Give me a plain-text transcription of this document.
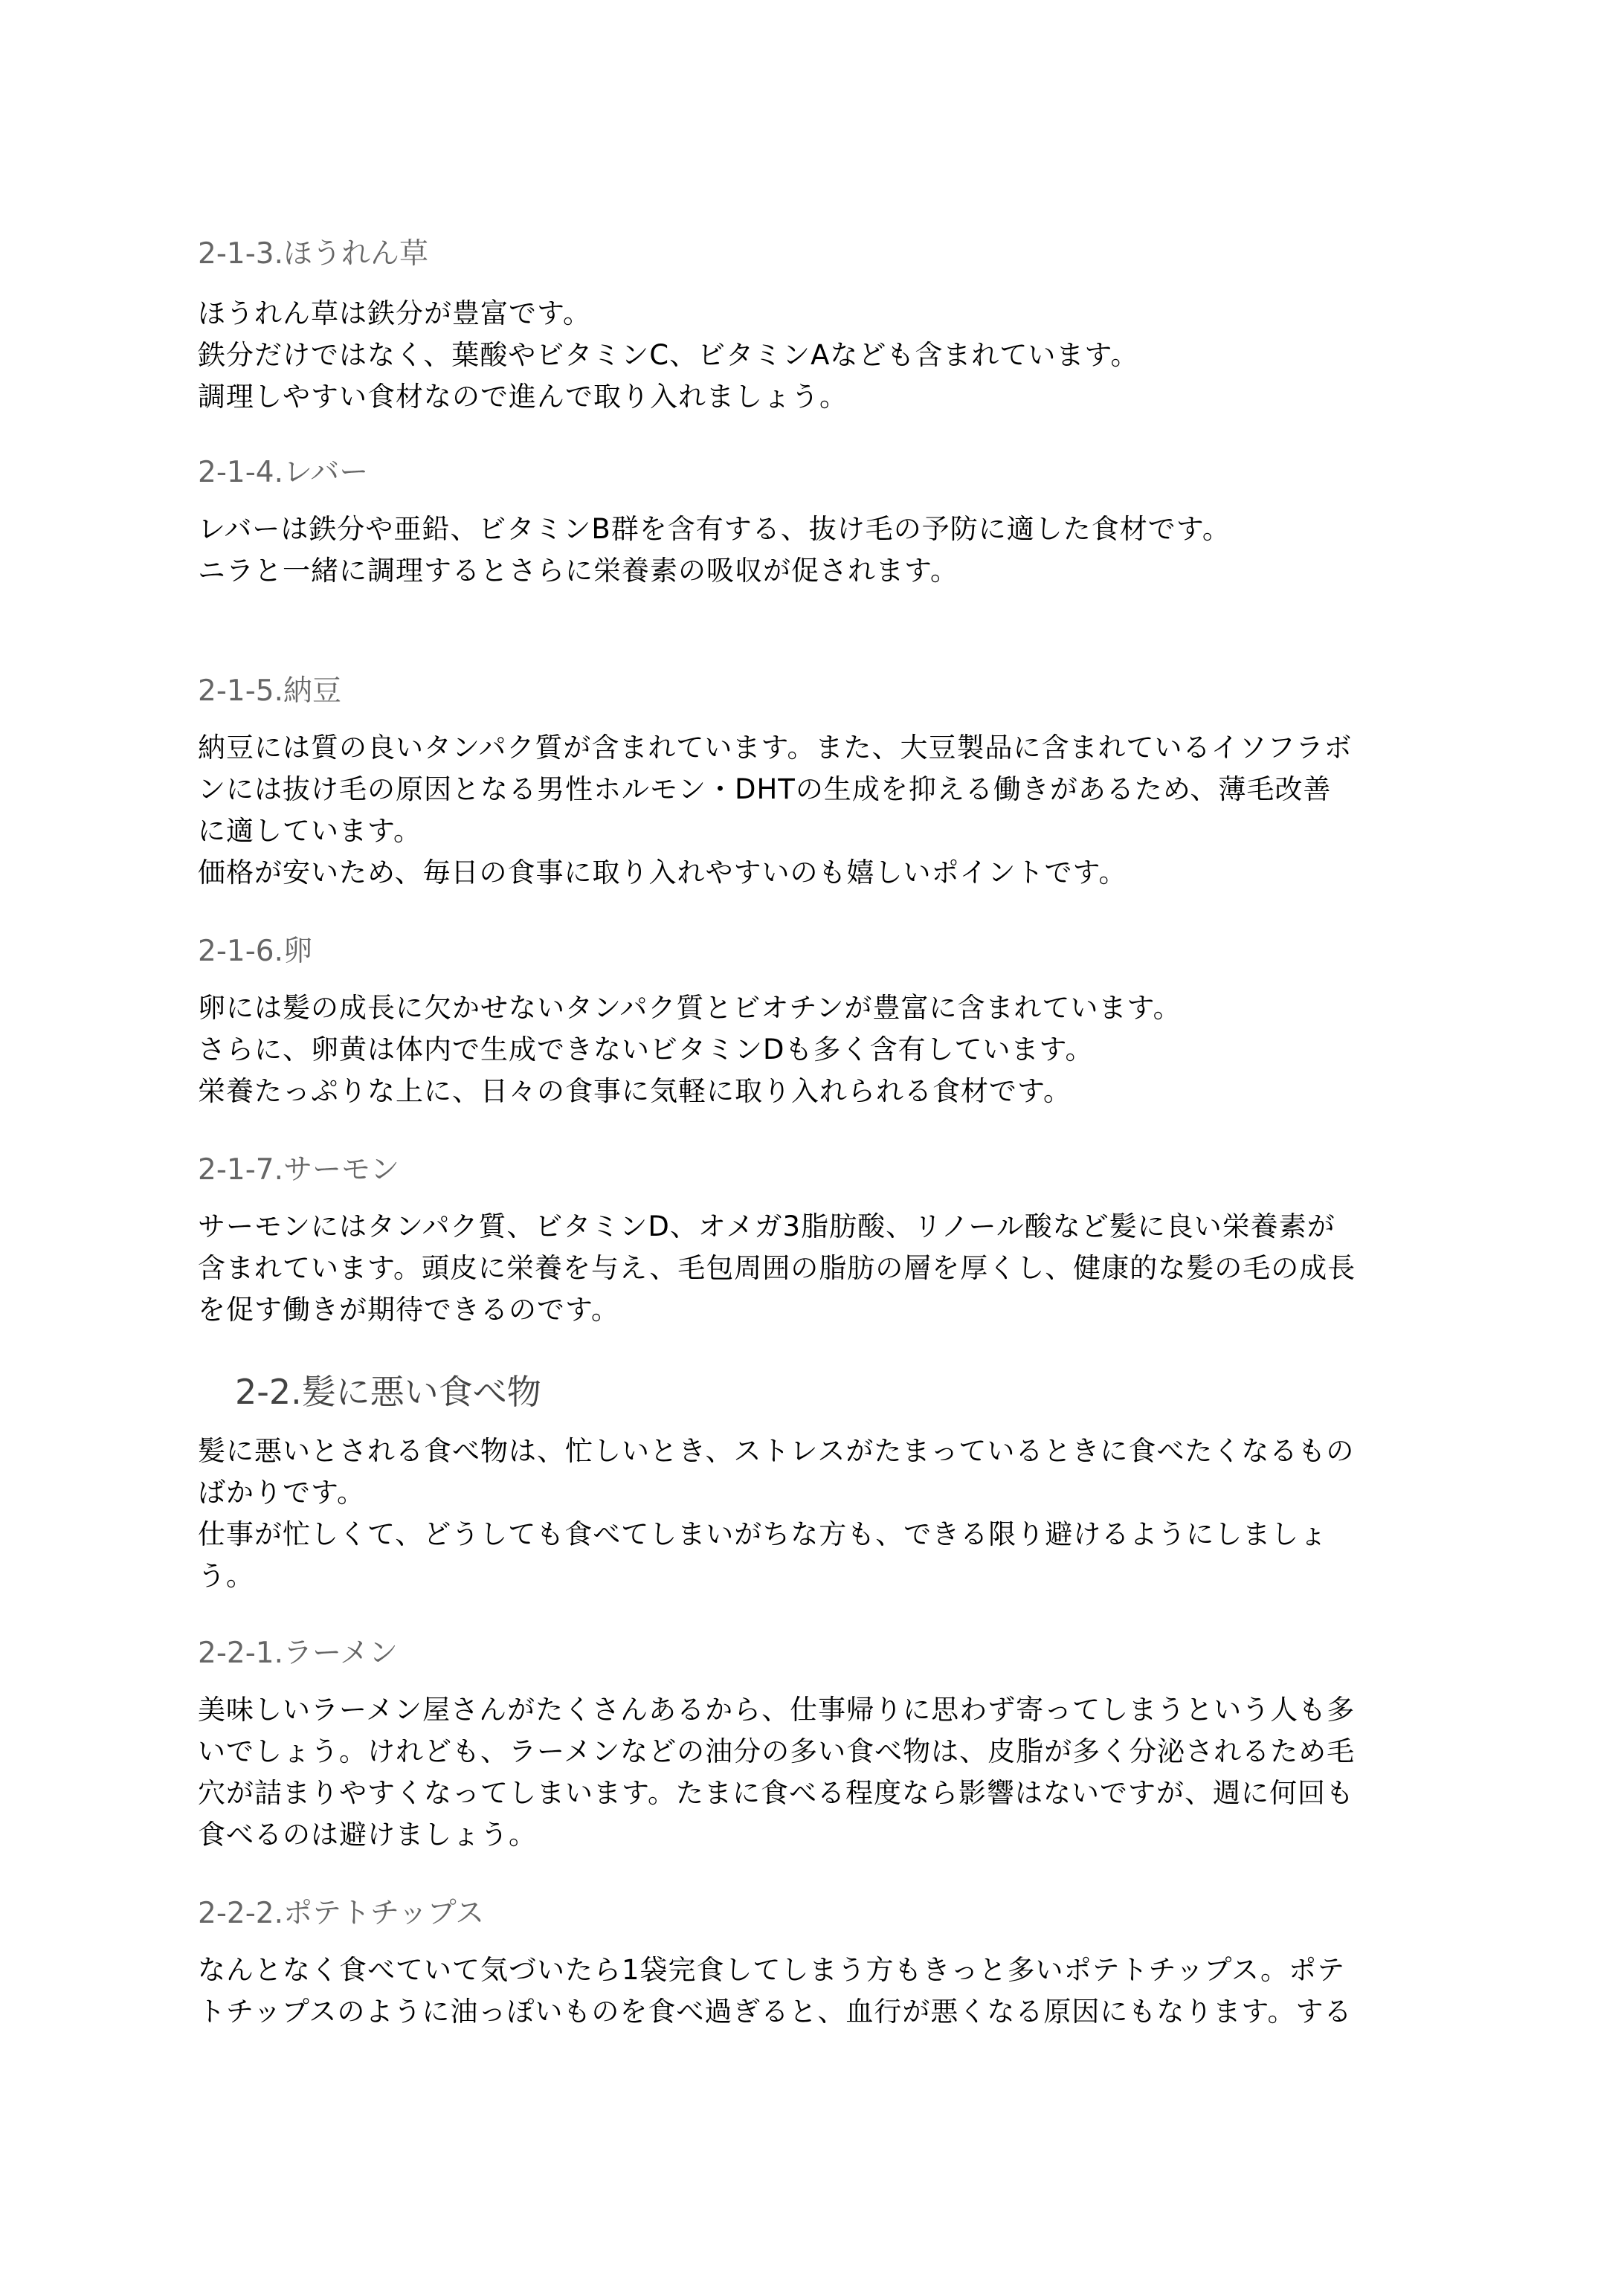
2-1-3.ほうれん草
ほうれん草は鉄分が豊富です。
鉄分だけではなく、葉酸やビタミンC、ビタミンAなども含まれています。
調理しやすい食材なので進んで取り入れましょう。
2-1-4.レバー
レバーは鉄分や亜鉛、ビタミンB群を含有する、抜け毛の予防に適した食材です。
ニラと一緒に調理するとさらに栄養素の吸収が促されます。
2-1-5.納豆
納豆には質の良いタンパク質が含まれています。また、大豆製品に含まれているイソフラボ
ンには抜け毛の原因となる男性ホルモン・DHTの生成を抑える働きがあるため、薄毛改善
に適しています。
価格が安いため、毎日の食事に取り入れやすいのも嬉しいポイントです。
2-1-6.卵
卵には髪の成長に欠かせないタンパク質とビオチンが豊富に含まれています。
さらに、卵黄は体内で生成できないビタミンDも多く含有しています。
栄養たっぷりな上に、日々の食事に気軽に取り入れられる食材です。
2-1-7.サーモン
サーモンにはタンパク質、ビタミンD、オメガ3脂肪酸、リノール酸など髪に良い栄養素が
含まれています。頭皮に栄養を与え、毛包周囲の脂肪の層を厚くし、健康的な髪の毛の成長
を促す働きが期待できるのです。
2-2.髪に悪い食べ物
髪に悪いとされる食べ物は、忙しいとき、ストレスがたまっているときに食べたくなるもの
ばかりです。
仕事が忙しくて、どうしても食べてしまいがちな方も、できる限り避けるようにしましょ
う。
2-2-1.ラーメン
美味しいラーメン屋さんがたくさんあるから、仕事帰りに思わず寄ってしまうという人も多
いでしょう。けれども、ラーメンなどの油分の多い食べ物は、皮脂が多く分泌されるため毛
穴が詰まりやすくなってしまいます。たまに食べる程度なら影響はないですが、週に何回も
食べるのは避けましょう。
2-2-2.ポテトチップス
なんとなく食べていて気づいたら1袋完食してしまう方もきっと多いポテトチップス。ポテ
トチップスのように油っぽいものを食べ過ぎると、血行が悪くなる原因にもなります。する
